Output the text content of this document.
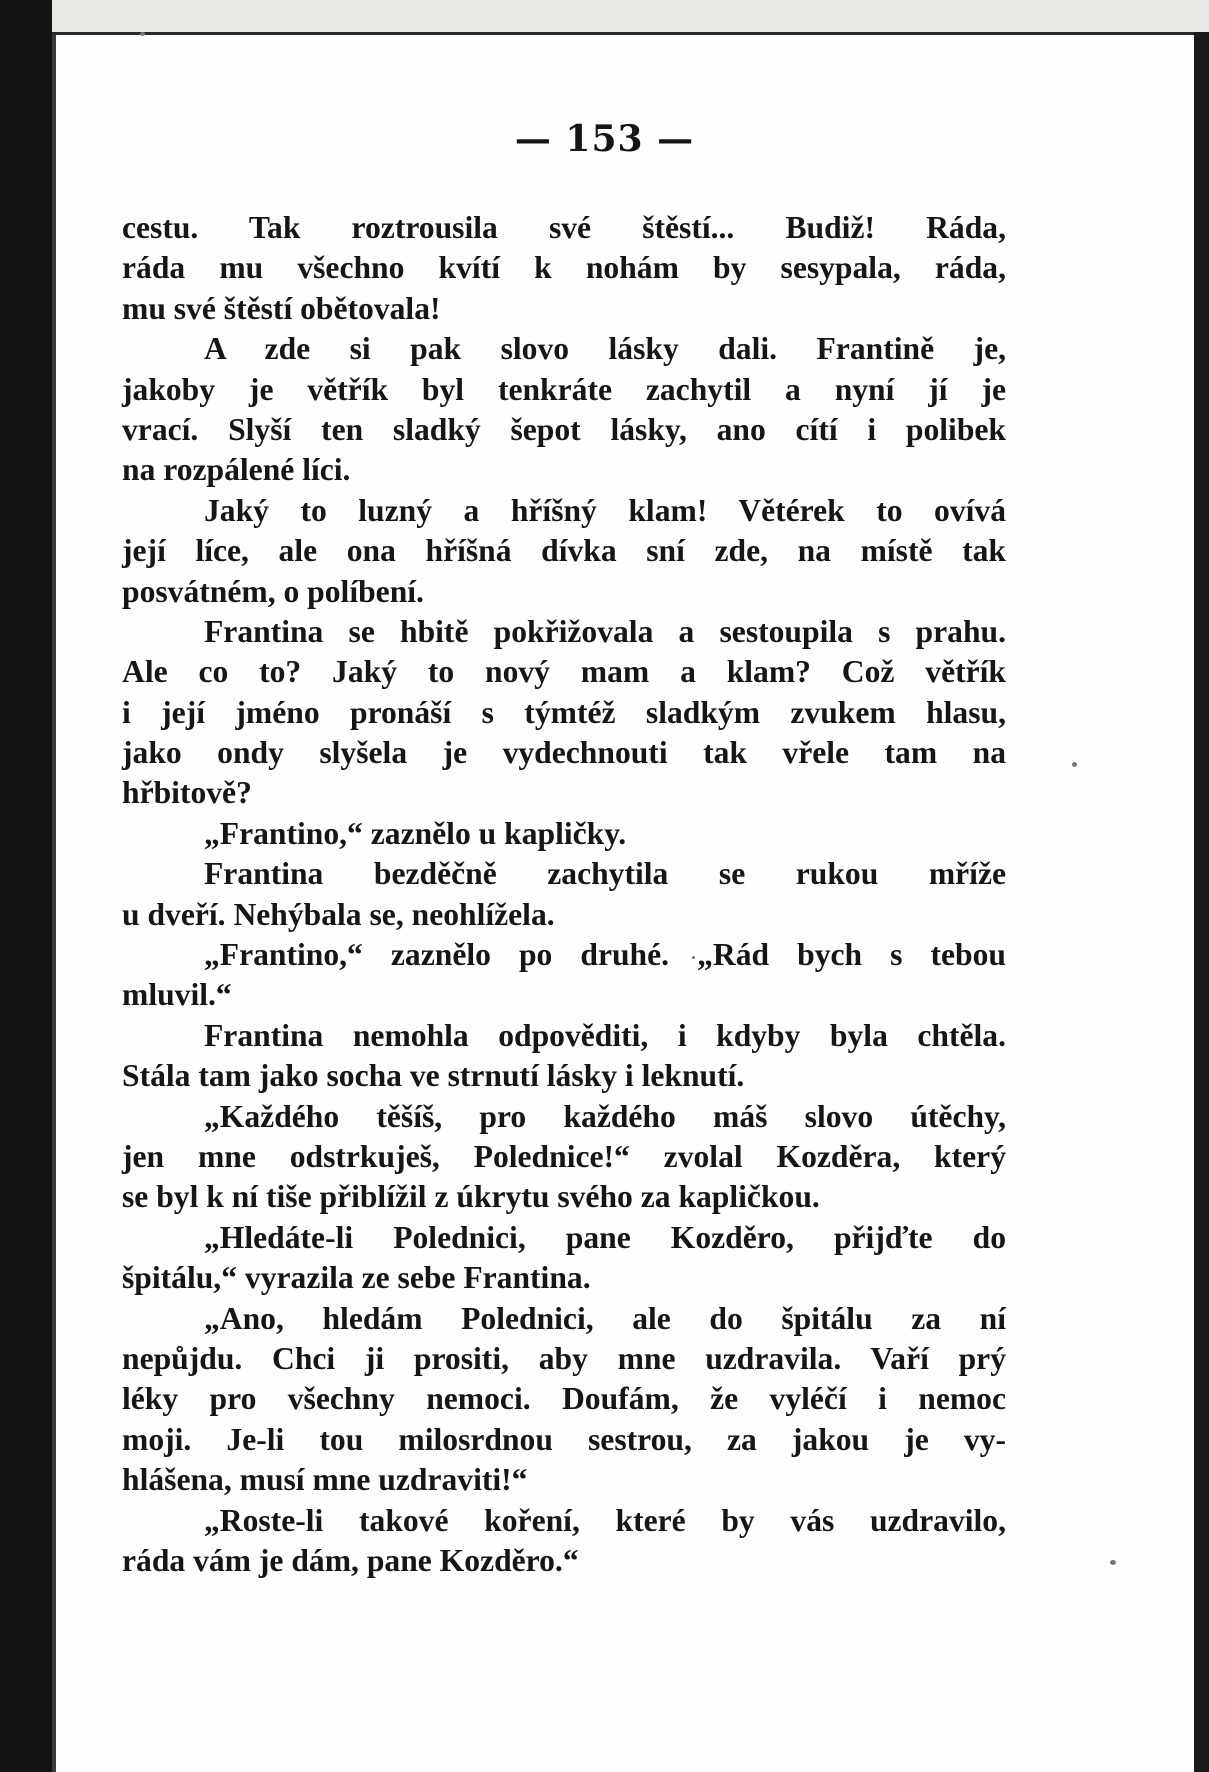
— 153 —
cestu. Tak roztrousila své štěstí... Budiž! Ráda,
ráda mu všechno kvítí k nohám by sesypala, ráda,
mu své štěstí obětovala!
A zde si pak slovo lásky dali. Frantině je,
jakoby je větřík byl tenkráte zachytil a nyní jí je
vrací. Slyší ten sladký šepot lásky, ano cítí i polibek
na rozpálené líci.
Jaký to luzný a hříšný klam! Větérek to ovívá
její líce, ale ona hříšná dívka sní zde, na místě tak
posvátném, o políbení.
Frantina se hbitě pokřižovala a sestoupila s prahu.
Ale co to? Jaký to nový mam a klam? Což větřík
i její jméno pronáší s týmtéž sladkým zvukem hlasu,
jako ondy slyšela je vydechnouti tak vřele tam na
hřbitově?
„Frantino,“ zaznělo u kapličky.
Frantina bezděčně zachytila se rukou mříže
u dveří. Nehýbala se, neohlížela.
„Frantino,“ zaznělo po druhé. „Rád bych s tebou
mluvil.“
Frantina nemohla odpověditi, i kdyby byla chtěla.
Stála tam jako socha ve strnutí lásky i leknutí.
„Každého těšíš, pro každého máš slovo útěchy,
jen mne odstrkuješ, Polednice!“ zvolal Kozděra, který
se byl k ní tiše přiblížil z úkrytu svého za kapličkou.
„Hledáte-li Polednici, pane Kozděro, přijďte do
špitálu,“ vyrazila ze sebe Frantina.
„Ano, hledám Polednici, ale do špitálu za ní
nepůjdu. Chci ji prositi, aby mne uzdravila. Vaří prý
léky pro všechny nemoci. Doufám, že vyléčí i nemoc
moji. Je-li tou milosrdnou sestrou, za jakou je vy-
hlášena, musí mne uzdraviti!“
„Roste-li takové koření, které by vás uzdravilo,
ráda vám je dám, pane Kozděro.“
